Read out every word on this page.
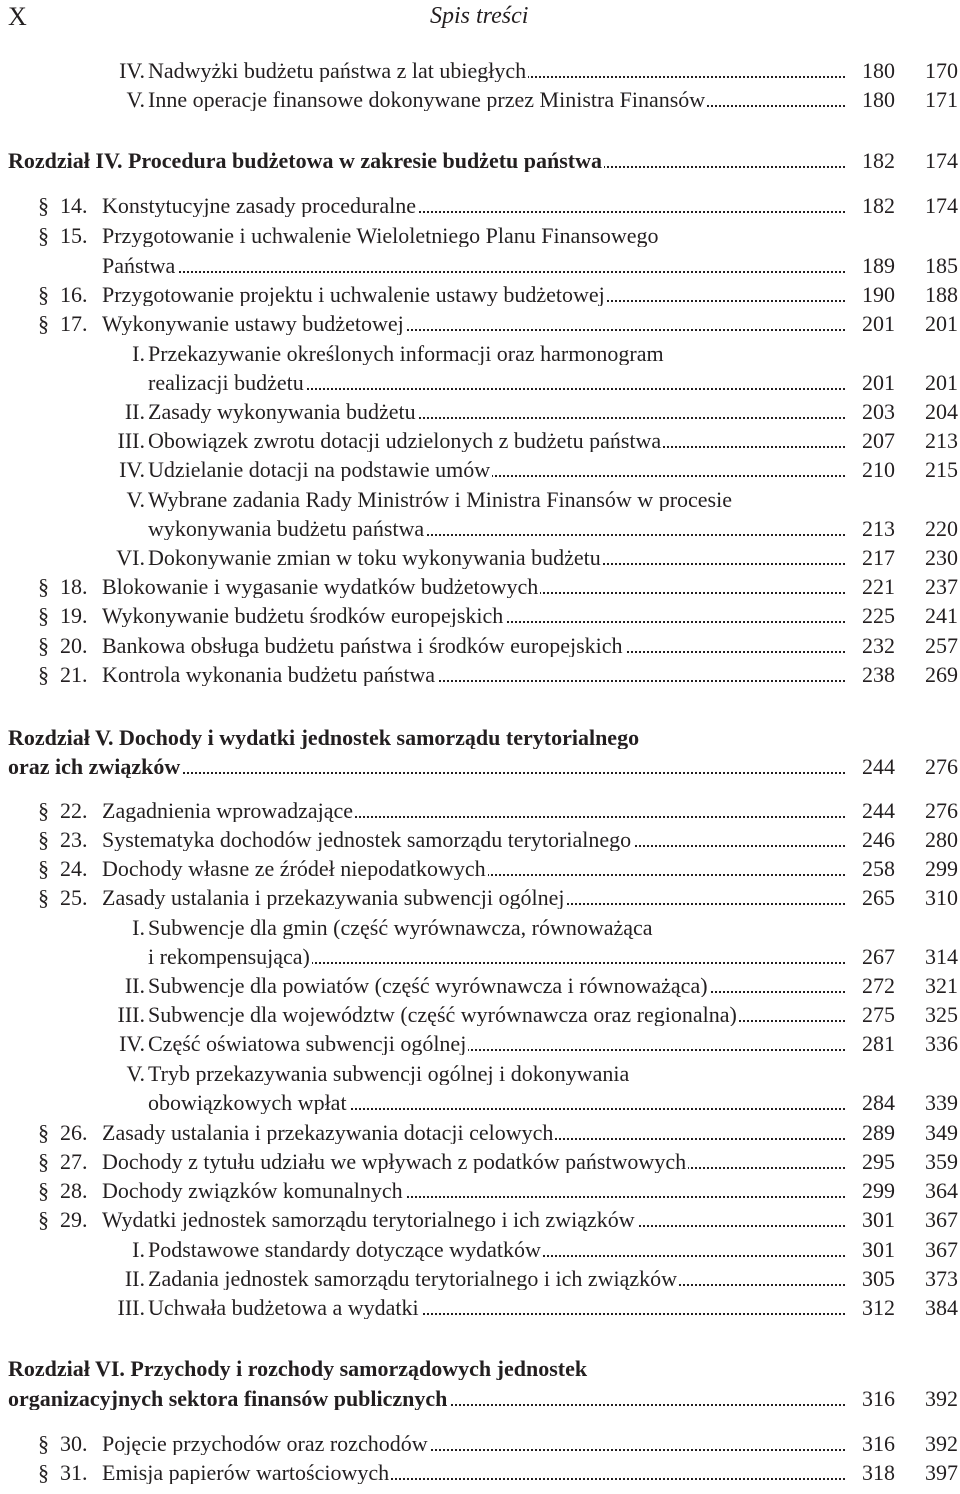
X	Spis treści
IV. Nadwyżki budżetu państwa z lat ubiegłych	180	170
V. Inne operacje finansowe dokonywane przez Ministra Finansów	180	171
Rozdział IV. Procedura budżetowa w zakresie budżetu państwa	182	174
§ 14. Konstytucyjne zasady proceduralne	182	174
§ 15. Przygotowanie i uchwalenie Wieloletniego Planu Finansowego
Państwa	189	185
§ 16. Przygotowanie projektu i uchwalenie ustawy budżetowej	190	188
§ 17. Wykonywanie ustawy budżetowej	201	201
I. Przekazywanie określonych informacji oraz harmonogram
realizacji budżetu	201	201
II. Zasady wykonywania budżetu	203	204
III. Obowiązek zwrotu dotacji udzielonych z budżetu państwa	207	213
IV. Udzielanie dotacji na podstawie umów	210	215
V. Wybrane zadania Rady Ministrów i Ministra Finansów w procesie
wykonywania budżetu państwa	213	220
VI. Dokonywanie zmian w toku wykonywania budżetu	217	230
§ 18. Blokowanie i wygasanie wydatków budżetowych	221	237
§ 19. Wykonywanie budżetu środków europejskich	225	241
§ 20. Bankowa obsługa budżetu państwa i środków europejskich	232	257
§ 21. Kontrola wykonania budżetu państwa	238	269
Rozdział V. Dochody i wydatki jednostek samorządu terytorialnego
oraz ich związków	244	276
§ 22. Zagadnienia wprowadzające	244	276
§ 23. Systematyka dochodów jednostek samorządu terytorialnego	246	280
§ 24. Dochody własne ze źródeł niepodatkowych	258	299
§ 25. Zasady ustalania i przekazywania subwencji ogólnej	265	310
I. Subwencje dla gmin (część wyrównawcza, równoważąca
i rekompensująca)	267	314
II. Subwencje dla powiatów (część wyrównawcza i równoważąca)	272	321
III. Subwencje dla województw (część wyrównawcza oraz regionalna)	275	325
IV. Część oświatowa subwencji ogólnej	281	336
V. Tryb przekazywania subwencji ogólnej i dokonywania
obowiązkowych wpłat	284	339
§ 26. Zasady ustalania i przekazywania dotacji celowych	289	349
§ 27. Dochody z tytułu udziału we wpływach z podatków państwowych	295	359
§ 28. Dochody związków komunalnych	299	364
§ 29. Wydatki jednostek samorządu terytorialnego i ich związków	301	367
I. Podstawowe standardy dotyczące wydatków	301	367
II. Zadania jednostek samorządu terytorialnego i ich związków	305	373
III. Uchwała budżetowa a wydatki	312	384
Rozdział VI. Przychody i rozchody samorządowych jednostek
organizacyjnych sektora finansów publicznych	316	392
§ 30. Pojęcie przychodów oraz rozchodów	316	392
§ 31. Emisja papierów wartościowych	318	397
